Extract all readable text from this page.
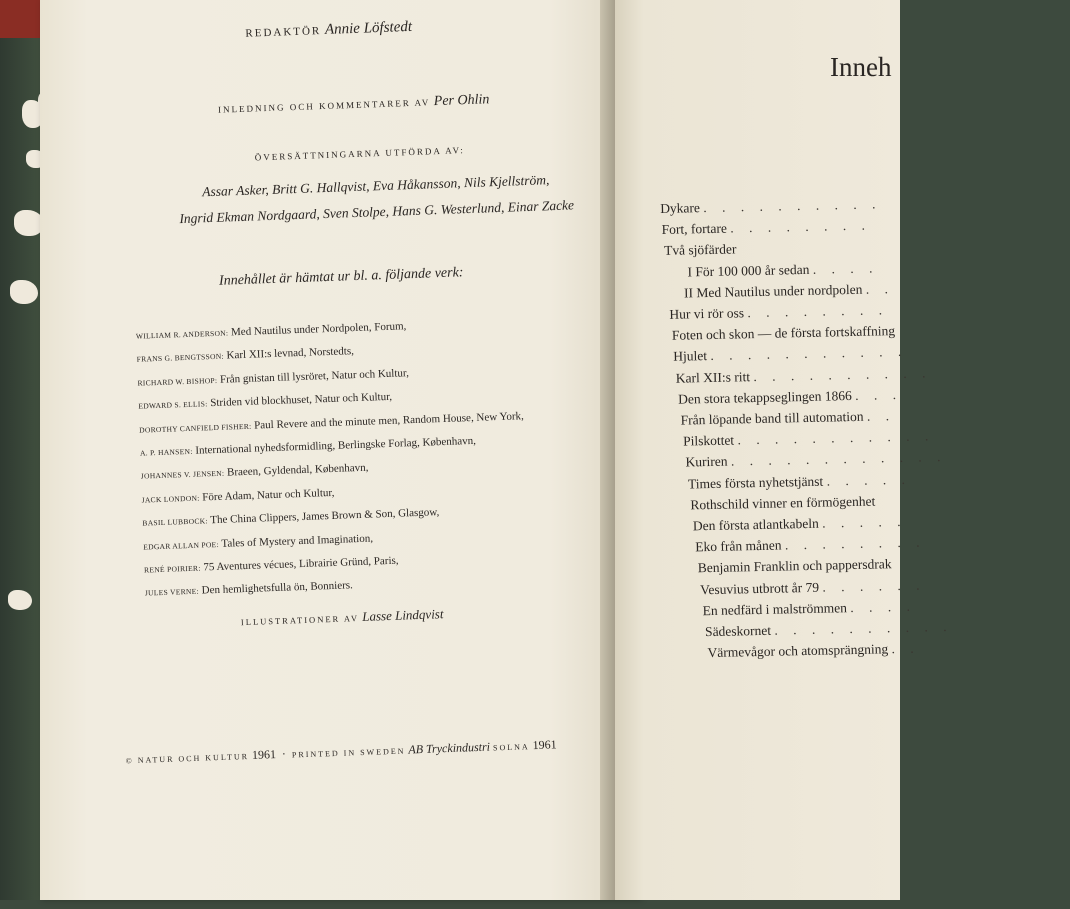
REDAKTÖR Annie Löfstedt
INLEDNING OCH KOMMENTARER AV Per Ohlin
ÖVERSÄTTNINGARNA UTFÖRDA AV:
Assar Asker, Britt G. Hallqvist, Eva Håkansson, Nils Kjellström,
Ingrid Ekman Nordgaard, Sven Stolpe, Hans G. Westerlund, Einar Zacke
Innehållet är hämtat ur bl. a. följande verk:
WILLIAM R. ANDERSON: Med Nautilus under Nordpolen, Forum,
FRANS G. BENGTSSON: Karl XII:s levnad, Norstedts,
RICHARD W. BISHOP: Från gnistan till lysröret, Natur och Kultur,
EDWARD S. ELLIS: Striden vid blockhuset, Natur och Kultur,
DOROTHY CANFIELD FISHER: Paul Revere and the minute men, Random House, New York,
A. P. HANSEN: International nyhedsformidling, Berlingske Forlag, København,
JOHANNES V. JENSEN: Braeen, Gyldendal, København,
JACK LONDON: Före Adam, Natur och Kultur,
BASIL LUBBOCK: The China Clippers, James Brown & Son, Glasgow,
EDGAR ALLAN POE: Tales of Mystery and Imagination,
RENÉ POIRIER: 75 Aventures vécues, Librairie Gründ, Paris,
JULES VERNE: Den hemlighetsfulla ön, Bonniers.
ILLUSTRATIONER AV Lasse Lindqvist
© NATUR OCH KULTUR 1961  ·  PRINTED IN SWEDEN AB Tryckindustri SOLNA 1961
Inneh
Dykare . . . . . . . . . .
Fort, fortare . . . . . . . .
Två sjöfärder
I För 100 000 år sedan . . . .
II Med Nautilus under nordpolen . .
Hur vi rör oss . . . . . . . .
Foten och skon — de första fortskaffning
Hjulet . . . . . . . . . . .
Karl XII:s ritt . . . . . . . . . .
Den stora tekappseglingen 1866 . . .
Från löpande band till automation . .
Pilskottet . . . . . . . . . . .
Kuriren . . . . . . . . . . . .
Times första nyhetstjänst . . . . .
Rothschild vinner en förmögenhet
Den första atlantkabeln . . . . .
Eko från månen . . . . . . . .
Benjamin Franklin och pappersdrak
Vesuvius utbrott år 79 . . . . . .
En nedfärd i malströmmen . . . .
Sädeskornet . . . . . . . . . .
Värmevågor och atomsprängning . .
